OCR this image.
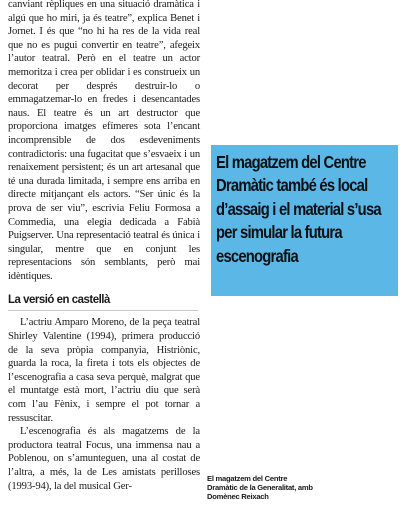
canviant rèpliques en una situació dramàtica i algú que ho miri, ja és teatre”, explica Benet i Jornet. I és que “no hi ha res de la vida real que no es pugui convertir en teatre”, afegeix l’autor teatral. Però en el teatre un actor memoritza i crea per oblidar i es construeix un decorat per després destruir-lo o emmagatzemar-lo en fredes i desencantades naus. El teatre és un art destructor que proporciona imatges efímeres sota l’encant incomprensible de dos esdeveniments contradictoris: una fugacitat que s’esvaeix i un renaixement persistent; és un art artesanal que té una durada limitada, i sempre ens arriba en directe mitjançant els actors. “Ser únic és la prova de ser viu”, escrivia Feliu Formosa a Commedia, una elegia dedicada a Fabià Puigserver. Una representació teatral és única i singular, mentre que en conjunt les representacions són semblants, però mai idèntiques.

La versió en castellà

L’actriu Amparo Moreno, de la peça teatral Shirley Valentine (1994), primera producció de la seva pròpia companyia, Histriònic, guarda la roca, la fireta i tots els objectes de l’escenografia a casa seva perquè, malgrat que el muntatge està mort, l’actriu diu que serà com l’au Fènix, i sempre el pot tornar a ressuscitar.

L’escenografia és als magatzems de la productora teatral Focus, una immensa nau a Poblenou, on s’amunteguen, una al costat de l’altra, a més, la de Les amistats perilloses (1993-94), la del musical Ger-

El magatzem del Centre Dramàtic també és local d’assaig i el material s’usa per simular la futura escenografia

El magatzem del Centre Dramàtic de la Generalitat, amb Domènec Reixach
